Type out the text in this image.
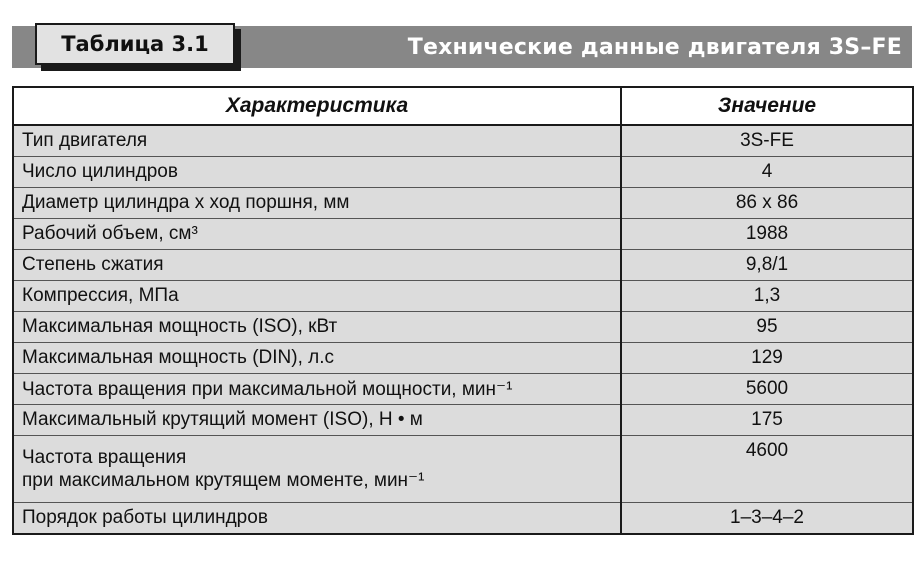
Таблица 3.1	Технические данные двигателя 3S–FE
Характеристика	Значение
Тип двигателя	3S-FE
Число цилиндров	4
Диаметр цилиндра х ход поршня, мм	86 х 86
Рабочий объем, см³	1988
Степень сжатия	9,8/1
Компрессия, МПа	1,3
Максимальная мощность (ISO), кВт	95
Максимальная мощность (DIN), л.с	129
Частота вращения при максимальной мощности, мин⁻¹	5600
Максимальный крутящий момент (ISO), Н • м	175

Частота вращения
при максимальном крутящем моменте, мин⁻¹	4600
Порядок работы цилиндров	1–3–4–2
